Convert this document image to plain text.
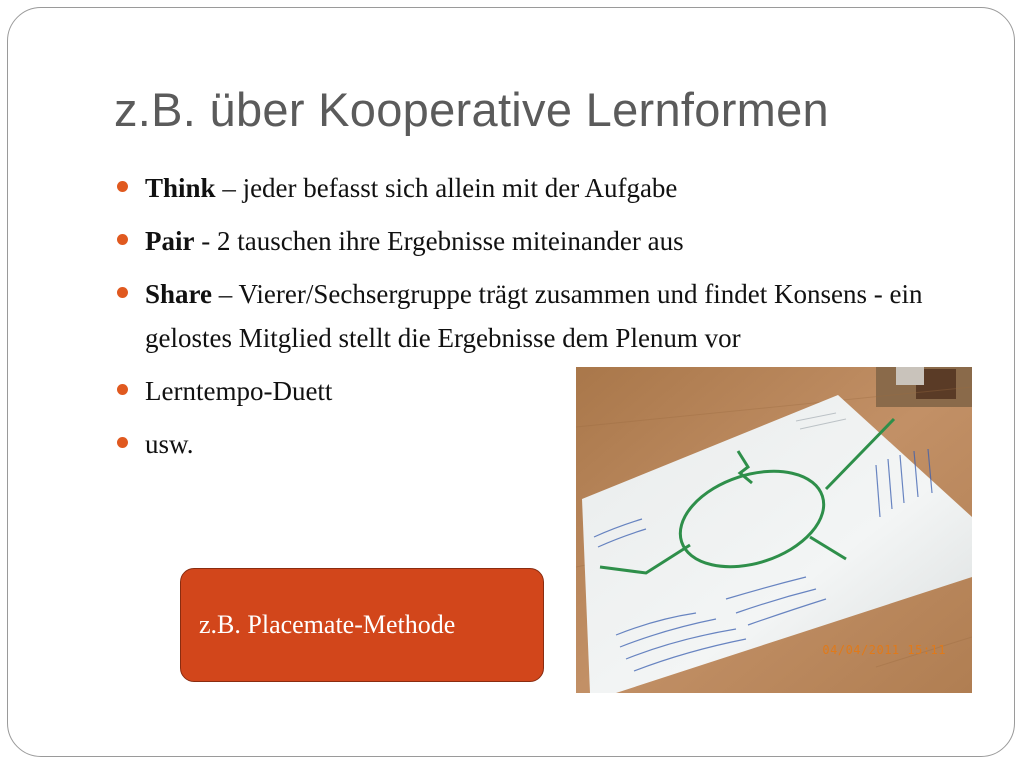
z.B. über Kooperative Lernformen
Think – jeder befasst sich allein mit der Aufgabe
Pair - 2 tauschen ihre Ergebnisse miteinander aus
Share – Vierer/Sechsergruppe trägt zusammen und findet Konsens - ein gelostes Mitglied stellt die Ergebnisse dem Plenum vor
Lerntempo-Duett
usw.
z.B. Placemate-Methode
04/04/2011 15:11
